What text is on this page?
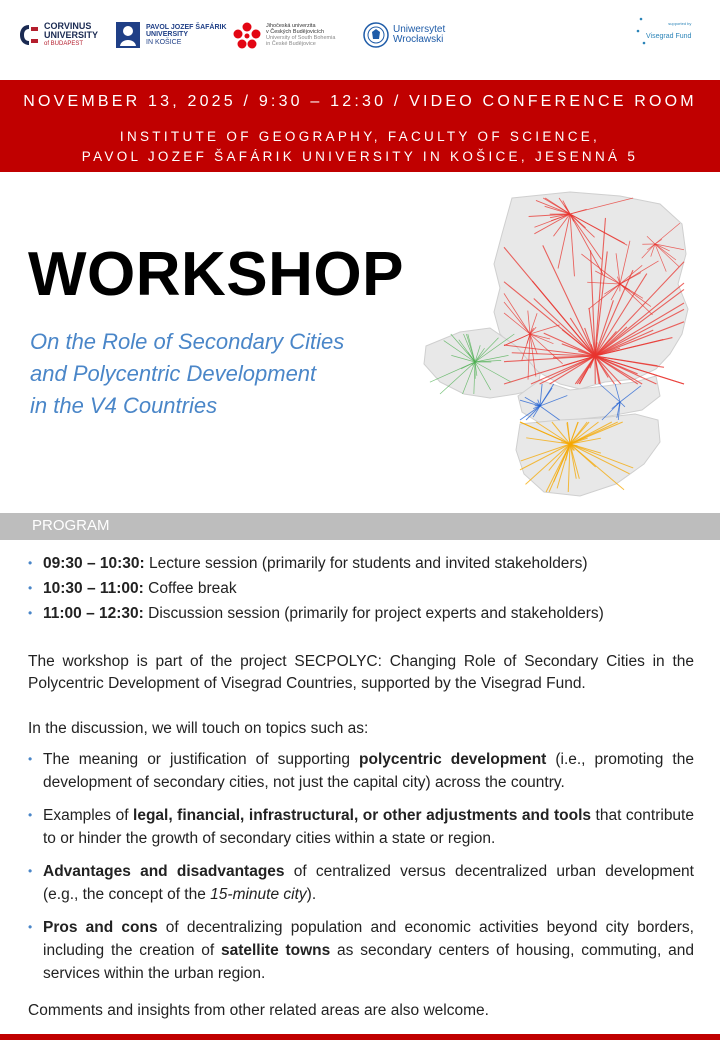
CORVINUS
UNIVERSITY
of BUDAPEST
PAVOL JOZEF ŠAFÁRIK
UNIVERSITY
IN KOŠICE
Jihočeská univerzita
v Českých Budějovicích
University of South Bohemia
in České Budějovice
Uniwersytet
Wrocławski
supported by
Visegrad Fund
NOVEMBER 13, 2025 / 9:30 – 12:30 / VIDEO CONFERENCE ROOM
INSTITUTE OF GEOGRAPHY, FACULTY OF SCIENCE,
PAVOL JOZEF ŠAFÁRIK UNIVERSITY IN KOŠICE, JESENNÁ 5
WORKSHOP
On the Role of Secondary Cities
and Polycentric Development
in the V4 Countries
PROGRAM
• 09:30 – 10:30: Lecture session (primarily for students and invited stakeholders)
• 10:30 – 11:00: Coffee break
• 11:00 – 12:30: Discussion session (primarily for project experts and stakeholders)
The workshop is part of the project SECPOLYC: Changing Role of Secondary Cities in the Polycentric Development of Visegrad Countries, supported by the Visegrad Fund.
In the discussion, we will touch on topics such as:
• The meaning or justification of supporting polycentric development (i.e., promoting the development of secondary cities, not just the capital city) across the country.
• Examples of legal, financial, infrastructural, or other adjustments and tools that contribute to or hinder the growth of secondary cities within a state or region.
• Advantages and disadvantages of centralized versus decentralized urban development (e.g., the concept of the 15-minute city).
• Pros and cons of decentralizing population and economic activities beyond city borders, including the creation of satellite towns as secondary centers of housing, commuting, and services within the urban region.
Comments and insights from other related areas are also welcome.
